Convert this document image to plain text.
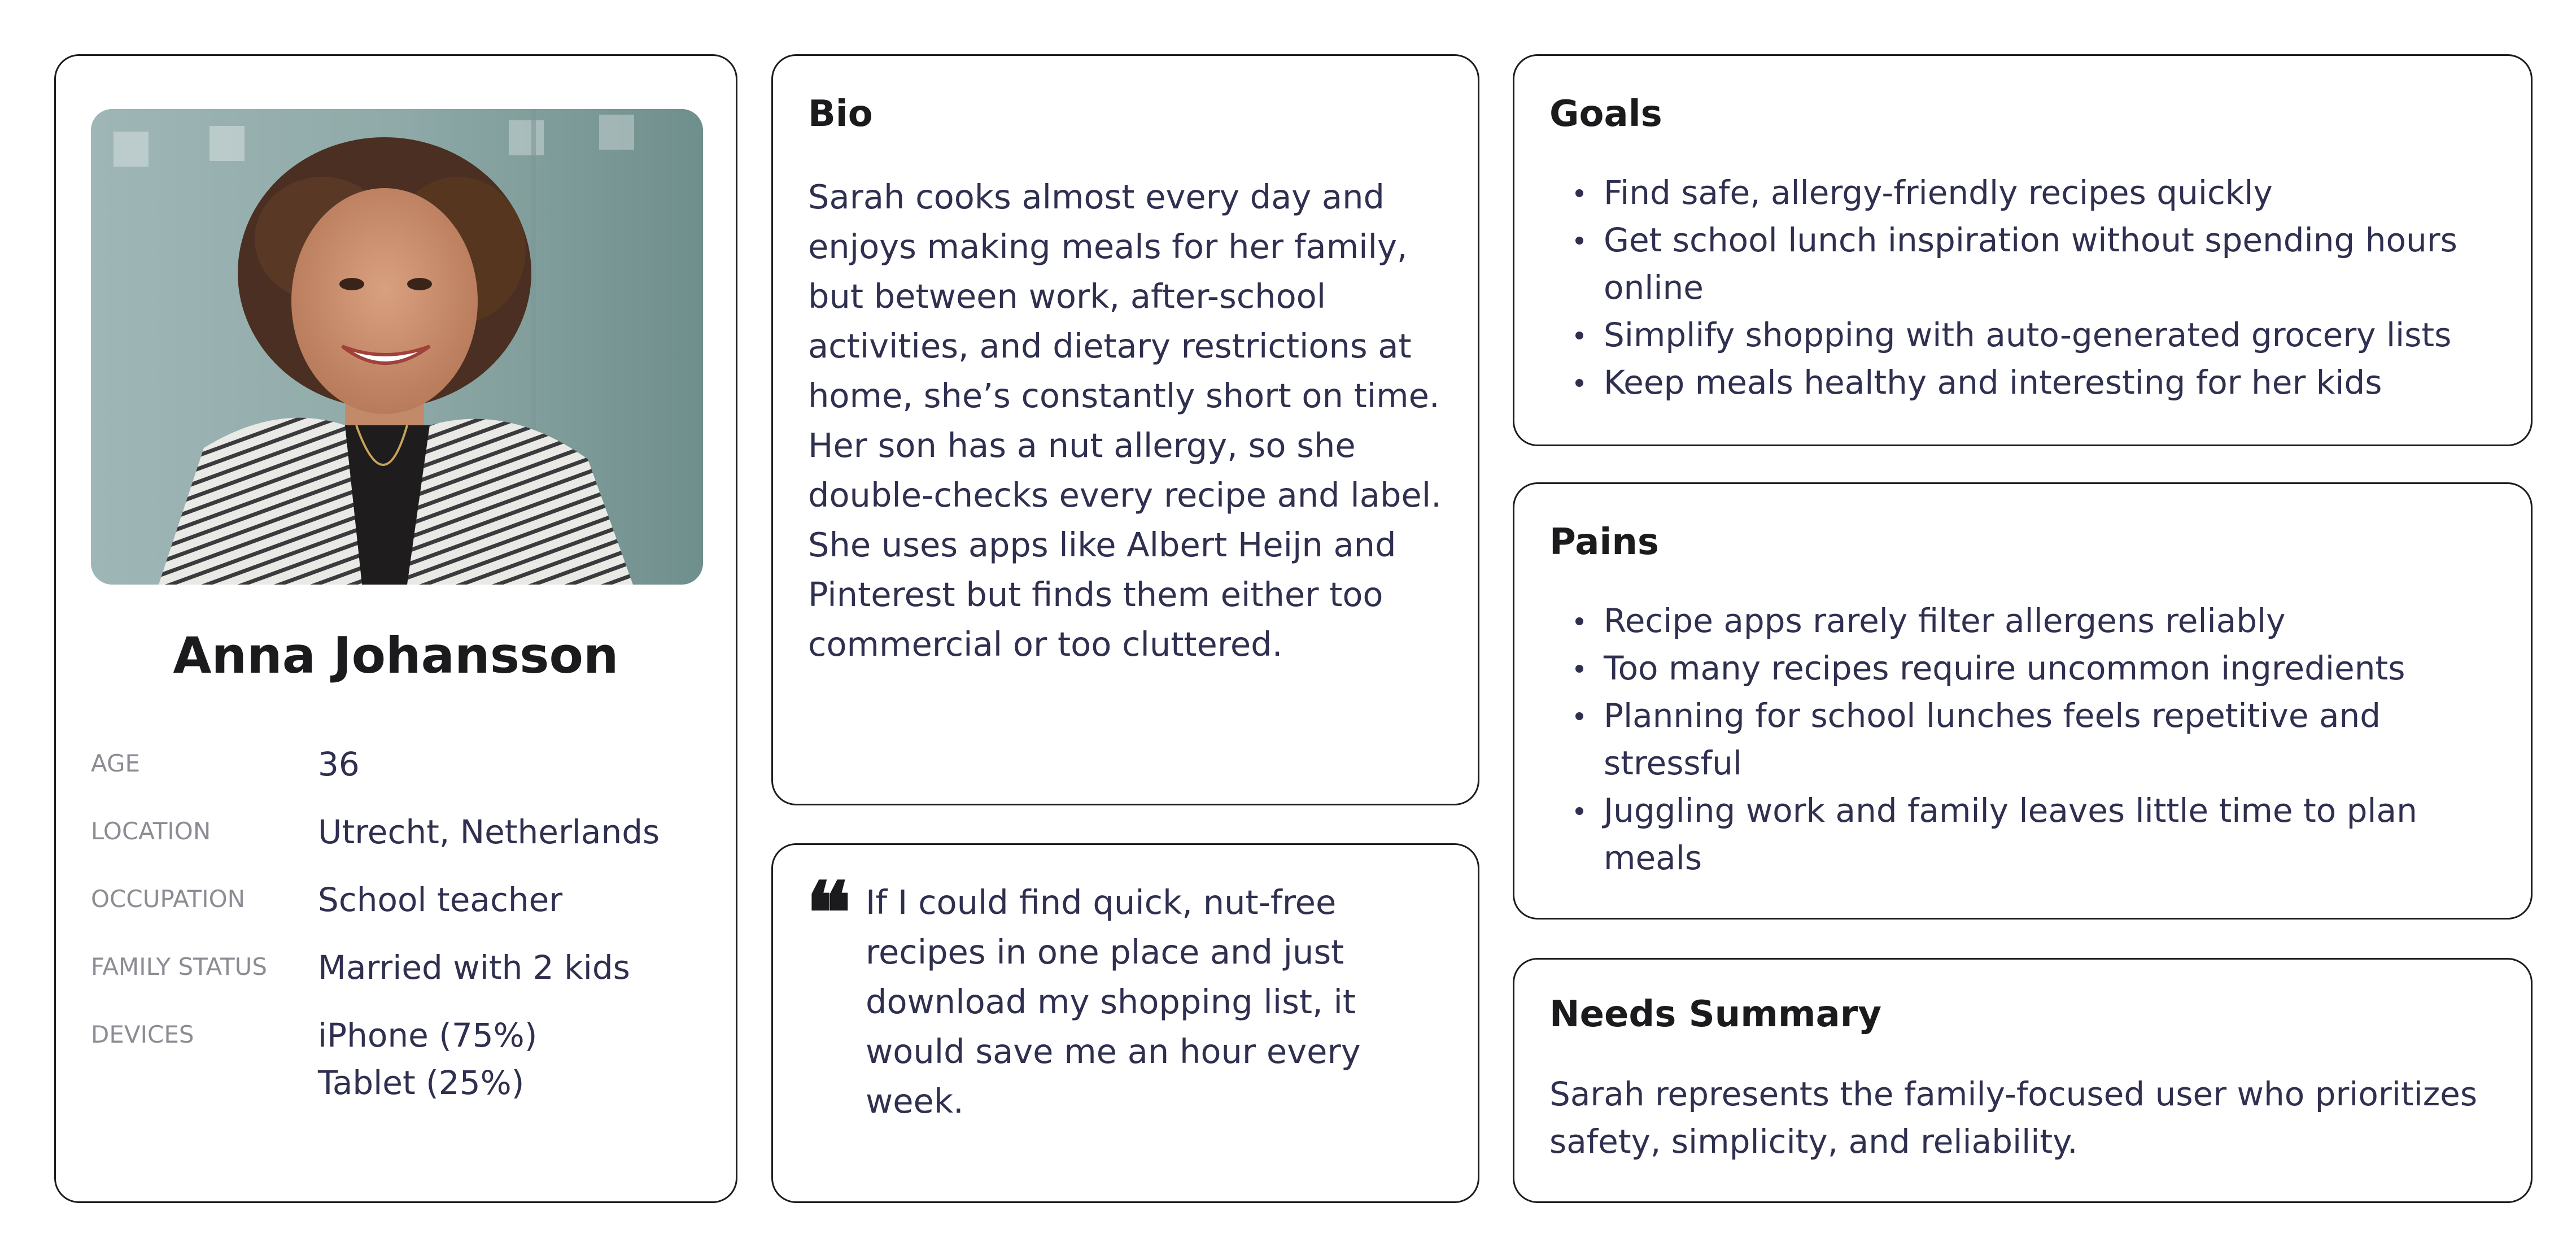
Anna Johansson
AGE	36
LOCATION	Utrecht, Netherlands
OCCUPATION	School teacher
FAMILY STATUS	Married with 2 kids
DEVICES	iPhone (75%)
Tablet (25%)
Bio
Sarah cooks almost every day and enjoys making meals for her family, but between work, after-school activities, and dietary restrictions at home, she’s constantly short on time. Her son has a nut allergy, so she double-checks every recipe and label. She uses apps like Albert Heijn and Pinterest but finds them either too commercial or too cluttered.
❝ If I could find quick, nut-free recipes in one place and just download my shopping list, it would save me an hour every week.
Goals
Find safe, allergy-friendly recipes quickly
Get school lunch inspiration without spending hours online
Simplify shopping with auto-generated grocery lists
Keep meals healthy and interesting for her kids
Pains
Recipe apps rarely filter allergens reliably
Too many recipes require uncommon ingredients
Planning for school lunches feels repetitive and stressful
Juggling work and family leaves little time to plan meals
Needs Summary
Sarah represents the family-focused user who prioritizes safety, simplicity, and reliability.
